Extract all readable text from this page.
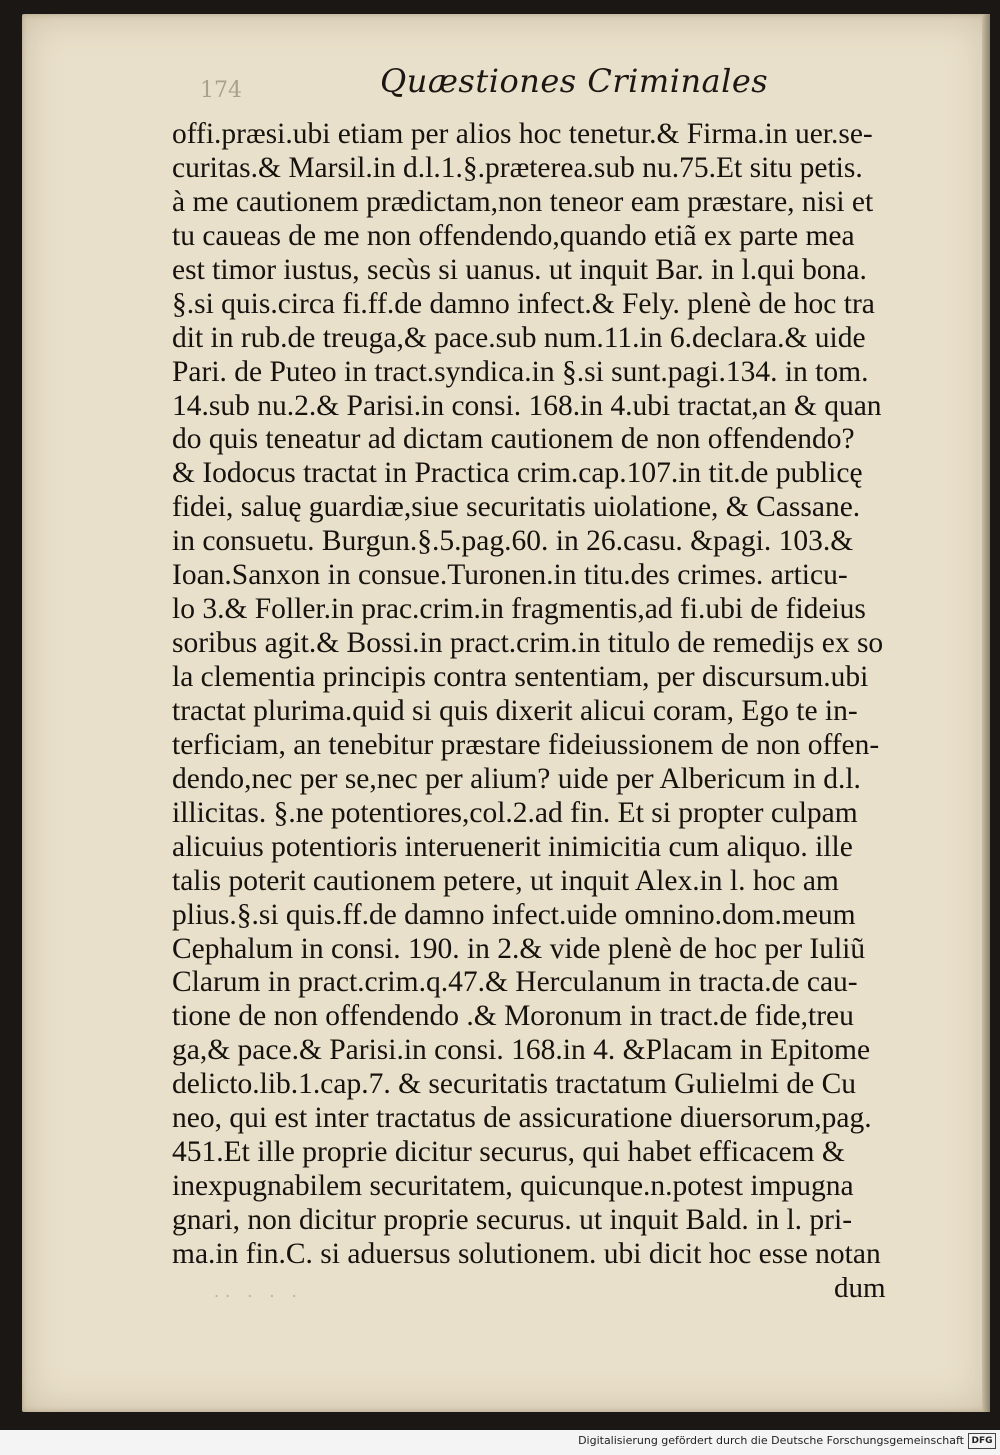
174	Quæstiones Criminales
offi.præsi.ubi etiam per alios hoc tenetur.& Firma.in uer.se-
curitas.& Marsil.in d.l.1.§.præterea.sub nu.75.Et situ petis.
à me cautionem prædictam,non teneor eam præstare, nisi et
tu caueas de me non offendendo,quando etiã ex parte mea
est timor iustus, secùs si uanus. ut inquit Bar. in l.qui bona.
§.si quis.circa fi.ff.de damno infect.& Fely. plenè de hoc tra
dit in rub.de treuga,& pace.sub num.11.in 6.declara.& uide
Pari. de Puteo in tract.syndica.in §.si sunt.pagi.134. in tom.
14.sub nu.2.& Parisi.in consi. 168.in 4.ubi tractat,an & quan
do quis teneatur ad dictam cautionem de non offendendo?
& Iodocus tractat in Practica crim.cap.107.in tit.de publicę
fidei, saluę guardiæ,siue securitatis uiolatione, & Cassane.
in consuetu. Burgun.§.5.pag.60. in 26.casu. &pagi. 103.&
Ioan.Sanxon in consue.Turonen.in titu.des crimes. articu-
lo 3.& Foller.in prac.crim.in fragmentis,ad fi.ubi de fideius
soribus agit.& Bossi.in pract.crim.in titulo de remedijs ex so
la clementia principis contra sententiam, per discursum.ubi
tractat plurima.quid si quis dixerit alicui coram, Ego te in-
terficiam, an tenebitur præstare fideiussionem de non offen-
dendo,nec per se,nec per alium? uide per Albericum in d.l.
illicitas. §.ne potentiores,col.2.ad fin. Et si propter culpam
alicuius potentioris interuenerit inimicitia cum aliquo. ille
talis poterit cautionem petere, ut inquit Alex.in l. hoc am
plius.§.si quis.ff.de damno infect.uide omnino.dom.meum
Cephalum in consi. 190. in 2.& vide plenè de hoc per Iuliũ
Clarum in pract.crim.q.47.& Herculanum in tracta.de cau-
tione de non offendendo .& Moronum in tract.de fide,treu
ga,& pace.& Parisi.in consi. 168.in 4. &Placam in Epitome
delicto.lib.1.cap.7. & securitatis tractatum Gulielmi de Cu
neo, qui est inter tractatus de assicuratione diuersorum,pag.
451.Et ille proprie dicitur securus, qui habet efficacem &
inexpugnabilem securitatem, quicunque.n.potest impugna
gnari, non dicitur proprie securus. ut inquit Bald. in l. pri-
ma.in fin.C. si aduersus solutionem. ubi dicit hoc esse notan
.. . . .	dum
Digitalisierung gefördert durch die Deutsche Forschungsgemeinschaft DFG
